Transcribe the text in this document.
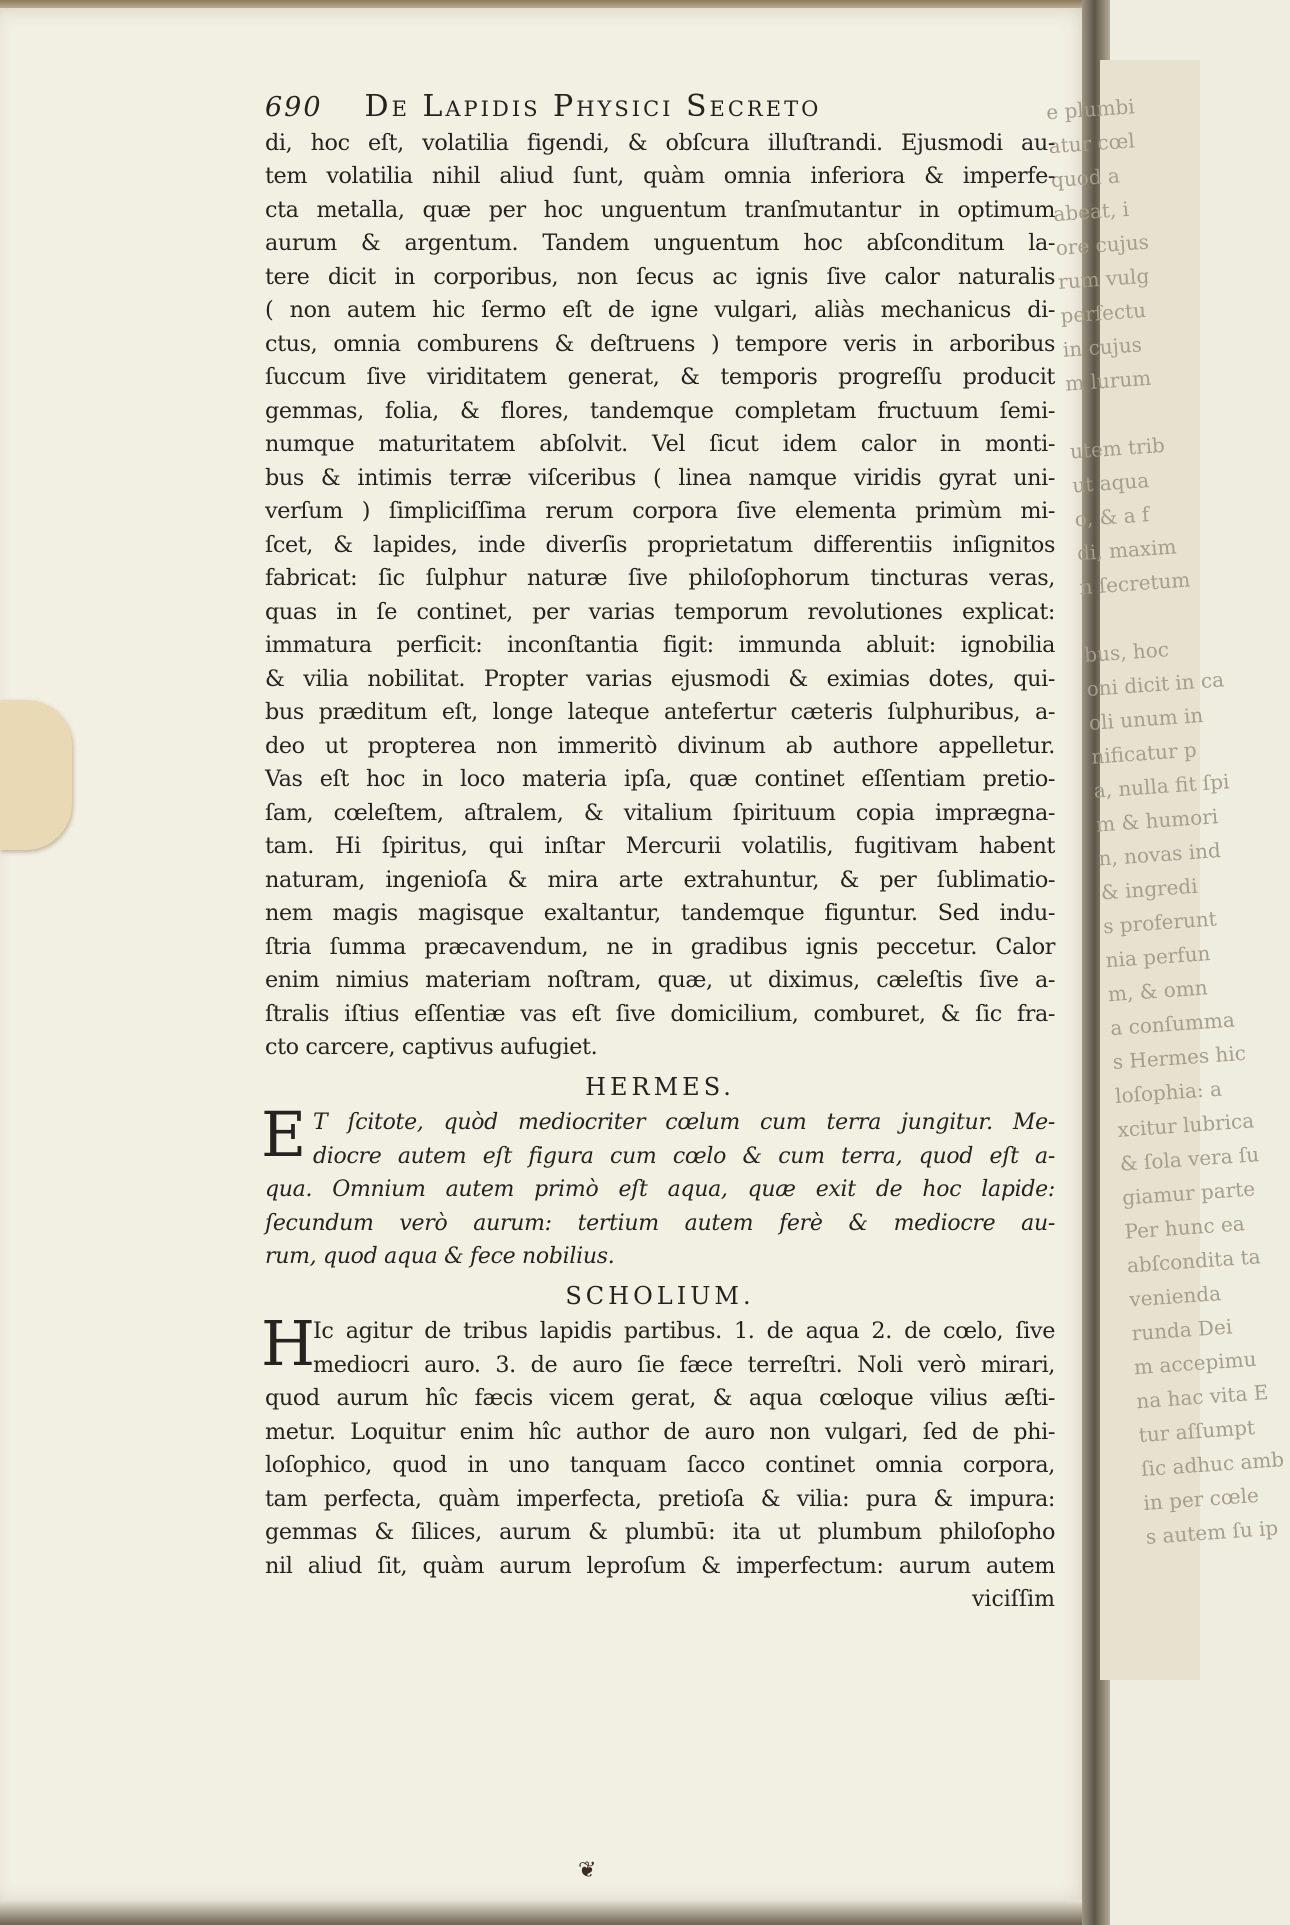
e plumbi
atur cœl
quod a
abeat, i
ore cujus
rum vulg
perfectu
in cujus
m lurum

utem trib
ut aqua
o, & a f
di, maxim
n ſecretum

bus, hoc
oni dicit in ca
oli unum in
nificatur p
a, nulla fit ſpi
m & humori
n, novas ind
& ingredi
s proferunt
nia perfun
m, & omn
a conſumma
s Hermes hic
loſophia: a
xcitur lubrica
& ſola vera ſu
giamur parte
Per hunc ea
abſcondita ta
venienda
runda Dei
m accepimu
na hac vita E
tur aſſumpt
ſic adhuc amb
in per cœle
s autem ſu ip
690 De Lapidis Physici Secreto
di, hoc eſt, volatilia figendi, & obſcura illuſtrandi. Ejusmodi au-
tem volatilia nihil aliud ſunt, quàm omnia inferiora & imperfe-
cta metalla, quæ per hoc unguentum tranſmutantur in optimum
aurum & argentum. Tandem unguentum hoc abſconditum la-
tere dicit in corporibus, non ſecus ac ignis ſive calor naturalis
( non autem hic ſermo eſt de igne vulgari, aliàs mechanicus di-
ctus, omnia comburens & deſtruens ) tempore veris in arboribus
ſuccum ſive viriditatem generat, & temporis progreſſu producit
gemmas, folia, & flores, tandemque completam fructuum ſemi-
numque maturitatem abſolvit. Vel ſicut idem calor in monti-
bus & intimis terræ viſceribus ( linea namque viridis gyrat uni-
verſum ) ſimpliciſſima rerum corpora ſive elementa primùm mi-
ſcet, & lapides, inde diverſis proprietatum differentiis inſignitos
fabricat: ſic ſulphur naturæ ſive philoſophorum tincturas veras,
quas in ſe continet, per varias temporum revolutiones explicat:
immatura perficit: inconſtantia figit: immunda abluit: ignobilia
& vilia nobilitat. Propter varias ejusmodi & eximias dotes, qui-
bus præditum eſt, longe lateque antefertur cæteris ſulphuribus, a-
deo ut propterea non immeritò divinum ab authore appelletur.
Vas eſt hoc in loco materia ipſa, quæ continet eſſentiam pretio-
ſam, cœleſtem, aſtralem, & vitalium ſpirituum copia imprægna-
tam. Hi ſpiritus, qui inſtar Mercurii volatilis, fugitivam habent
naturam, ingenioſa & mira arte extrahuntur, & per ſublimatio-
nem magis magisque exaltantur, tandemque figuntur. Sed indu-
ſtria ſumma præcavendum, ne in gradibus ignis peccetur. Calor
enim nimius materiam noſtram, quæ, ut diximus, cæleſtis ſive a-
ſtralis iſtius eſſentiæ vas eſt ſive domicilium, comburet, & ſic fra-
cto carcere, captivus aufugiet.
HERMES.
E T ſcitote, quòd mediocriter cœlum cum terra jungitur. Me-
diocre autem eſt figura cum cœlo & cum terra, quod eſt a-
qua. Omnium autem primò eſt aqua, quæ exit de hoc lapide:
ſecundum verò aurum: tertium autem ferè & mediocre au-
rum, quod aqua & fece nobilius.
SCHOLIUM.
H
Ic agitur de tribus lapidis partibus. 1. de aqua 2. de cœlo, ſive
mediocri auro. 3. de auro ſie fæce terreſtri. Noli verò mirari,
quod aurum hîc fæcis vicem gerat, & aqua cœloque vilius æſti-
metur. Loquitur enim hîc author de auro non vulgari, ſed de phi-
loſophico, quod in uno tanquam ſacco continet omnia corpora,
tam perfecta, quàm imperfecta, pretioſa & vilia: pura & impura:
gemmas & ſilices, aurum & plumbū: ita ut plumbum philoſopho
nil aliud ſit, quàm aurum leproſum & imperfectum: aurum autem
viciſſim
❦
